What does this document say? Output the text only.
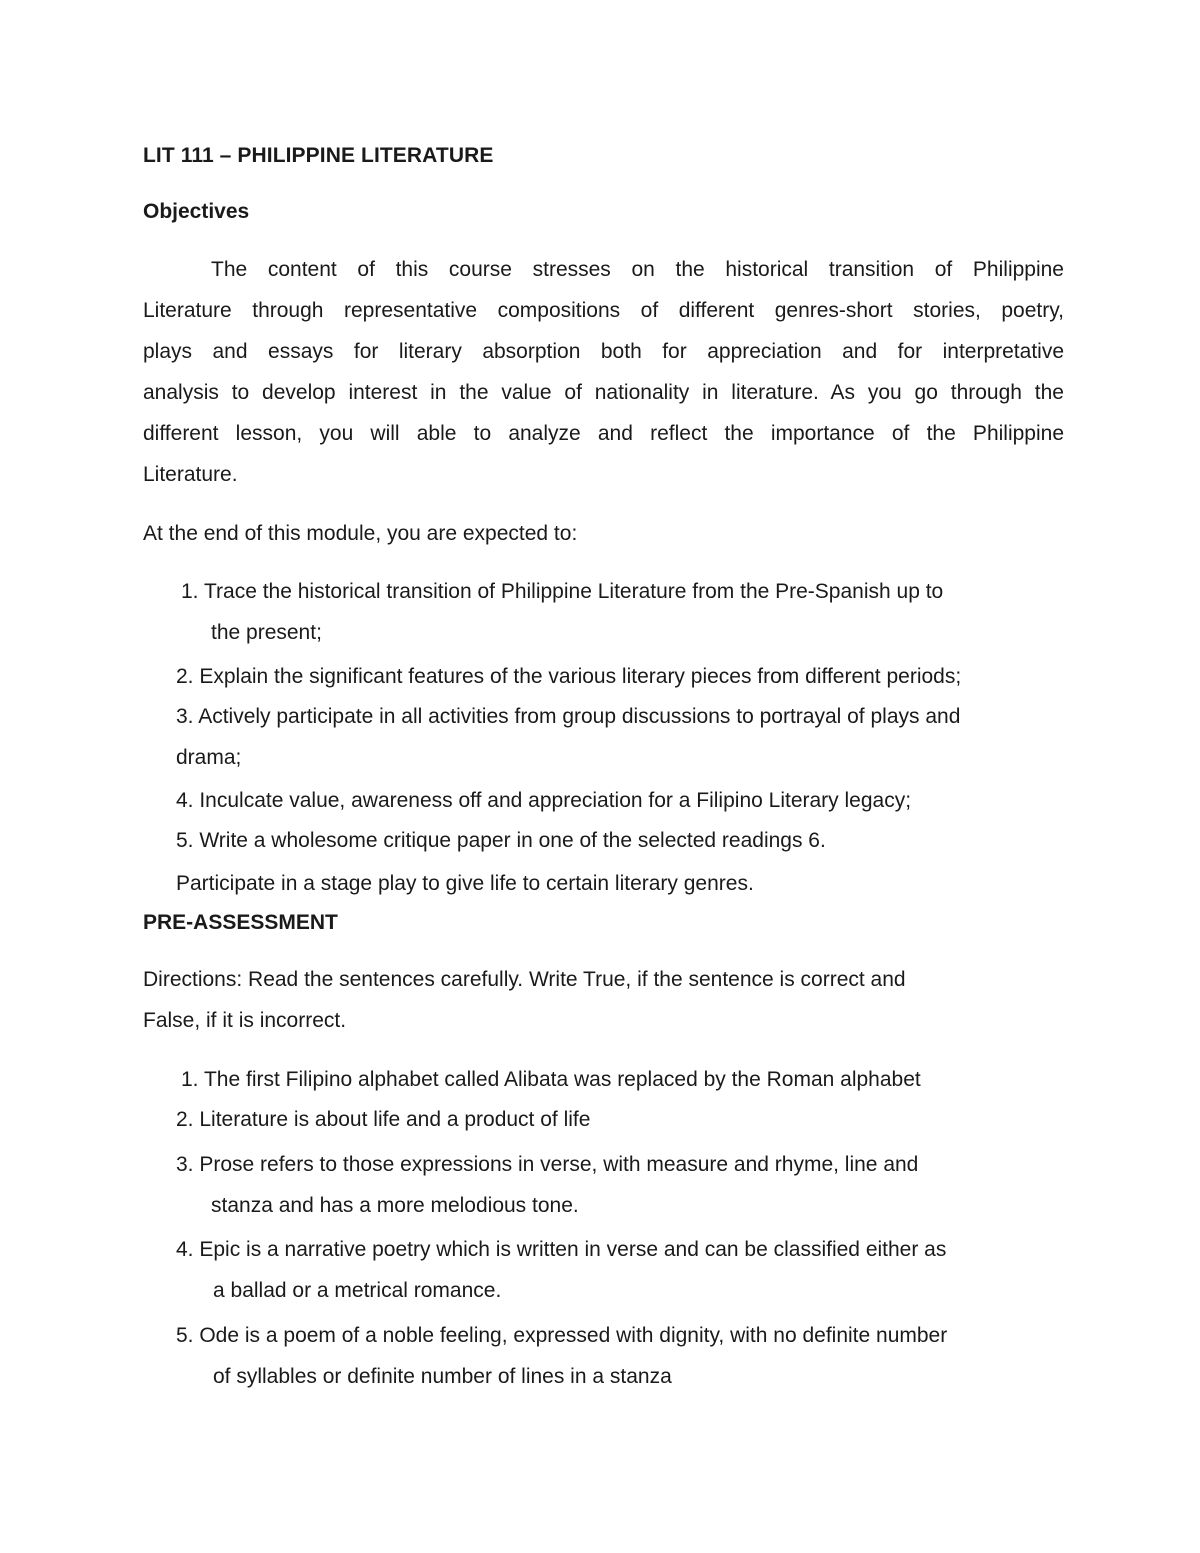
LIT 111 – PHILIPPINE LITERATURE

Objectives

The content of this course stresses on the historical transition of Philippine

Literature through representative compositions of different genres-short stories, poetry,

plays and essays for literary absorption both for appreciation and for interpretative

analysis to develop interest in the value of nationality in literature. As you go through the

different lesson, you will able to analyze and reflect the importance of the Philippine

Literature.

At the end of this module, you are expected to:

1. Trace the historical transition of Philippine Literature from the Pre-Spanish up to

the present;

2. Explain the significant features of the various literary pieces from different periods;

3. Actively participate in all activities from group discussions to portrayal of plays and

drama;

4. Inculcate value, awareness off and appreciation for a Filipino Literary legacy;

5. Write a wholesome critique paper in one of the selected readings 6.

Participate in a stage play to give life to certain literary genres.

PRE-ASSESSMENT

Directions: Read the sentences carefully. Write True, if the sentence is correct and

False, if it is incorrect.

1. The first Filipino alphabet called Alibata was replaced by the Roman alphabet

2. Literature is about life and a product of life

3. Prose refers to those expressions in verse, with measure and rhyme, line and

stanza and has a more melodious tone.

4. Epic is a narrative poetry which is written in verse and can be classified either as

a ballad or a metrical romance.

5. Ode is a poem of a noble feeling, expressed with dignity, with no definite number

of syllables or definite number of lines in a stanza
